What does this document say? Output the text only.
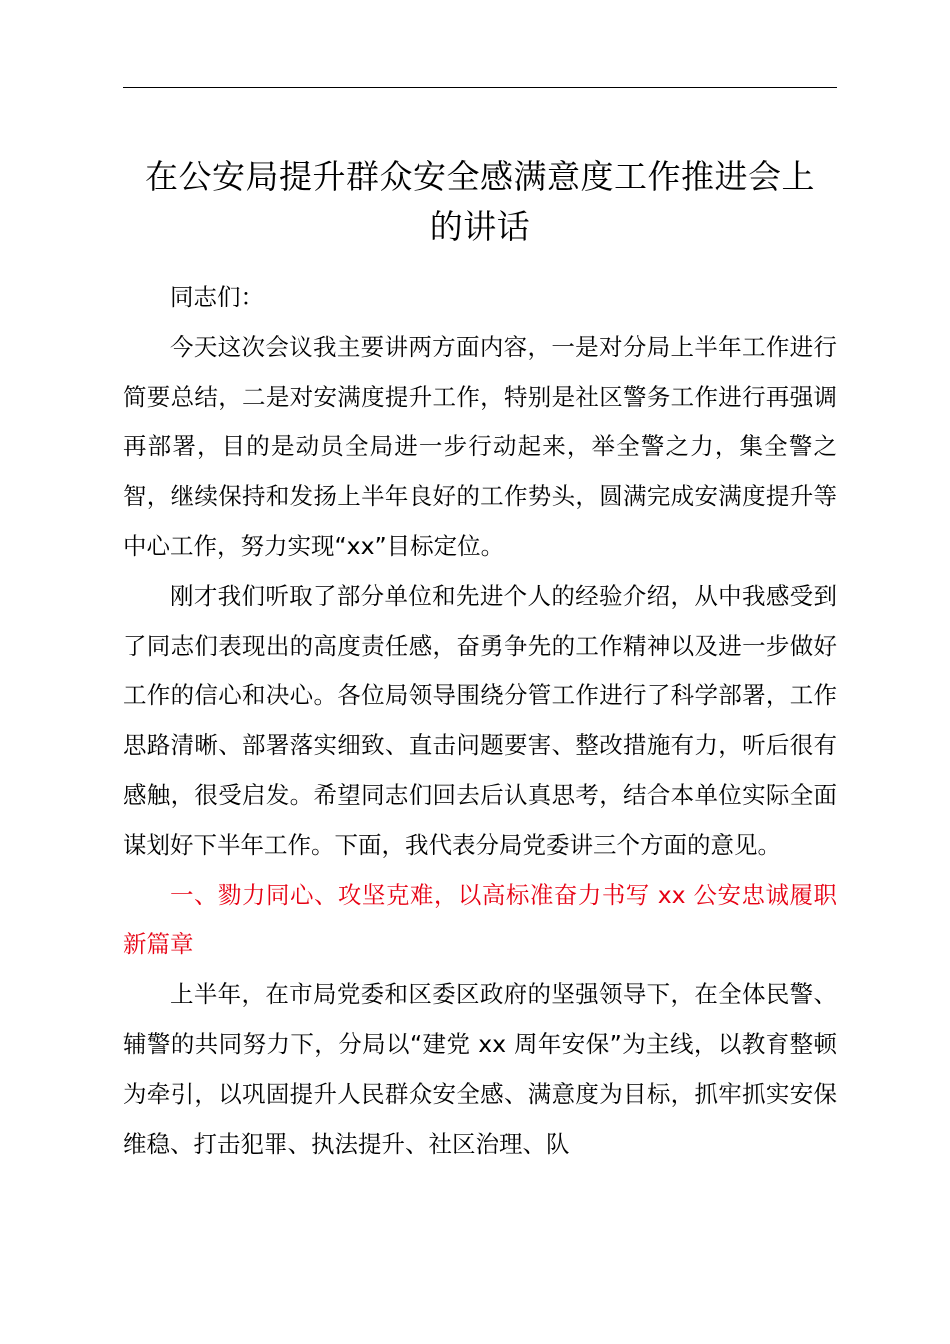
在公安局提升群众安全感满意度工作推进会上
的讲话

同志们：

今天这次会议我主要讲两方面内容，一是对分局上半年工作进行简要总结，二是对安满度提升工作，特别是社区警务工作进行再强调再部署，目的是动员全局进一步行动起来，举全警之力，集全警之智，继续保持和发扬上半年良好的工作势头，圆满完成安满度提升等中心工作，努力实现“xx”目标定位。

刚才我们听取了部分单位和先进个人的经验介绍，从中我感受到了同志们表现出的高度责任感，奋勇争先的工作精神以及进一步做好工作的信心和决心。各位局领导围绕分管工作进行了科学部署，工作思路清晰、部署落实细致、直击问题要害、整改措施有力，听后很有感触，很受启发。希望同志们回去后认真思考，结合本单位实际全面谋划好下半年工作。下面，我代表分局党委讲三个方面的意见。

一、勠力同心、攻坚克难，以高标准奋力书写 xx 公安忠诚履职新篇章

上半年，在市局党委和区委区政府的坚强领导下，在全体民警、辅警的共同努力下，分局以“建党 xx 周年安保”为主线，以教育整顿为牵引，以巩固提升人民群众安全感、满意度为目标，抓牢抓实安保维稳、打击犯罪、执法提升、社区治理、队
